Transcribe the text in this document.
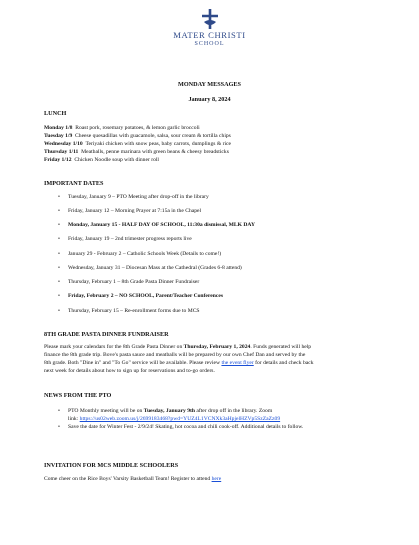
MATER CHRISTI
SCHOOL
MONDAY MESSAGES
January 8, 2024
LUNCH
Monday 1/8 Roast pork, rosemary potatoes, & lemon garlic broccoli
Tuesday 1/9 Cheese quesadillas with guacamole, salsa, sour cream & tortilla chips
Wednesday 1/10 Teriyaki chicken with snow peas, baby carrots, dumplings & rice
Thursday 1/11 Meatballs, penne marinara with green beans & cheesy breadsticks
Friday 1/12 Chicken Noodle soup with dinner roll
IMPORTANT DATES
• Tuesday, January 9 – PTO Meeting after drop-off in the library
• Friday, January 12 – Morning Prayer at 7:15a in the Chapel
• Monday, January 15 - HALF DAY OF SCHOOL, 11:30a dismissal, MLK DAY
• Friday, January 19 – 2nd trimester progress reports live
• January 29 - February 2 – Catholic Schools Week (Details to come!)
• Wednesday, January 31 – Diocesan Mass at the Cathedral (Grades 6-8 attend)
• Thursday, February 1 – 8th Grade Pasta Dinner Fundraiser
• Friday, February 2 – NO SCHOOL, Parent/Teacher Conferences
• Thursday, February 15 – Re-enrollment forms due to MCS
8TH GRADE PASTA DINNER FUNDRAISER
Please mark your calendars for the 8th Grade Pasta Dinner on Thursday, February 1, 2024. Funds generated will help
finance the 8th grade trip. Bove's pasta sauce and meatballs will be prepared by our own Chef Dan and served by the
8th grade. Both "Dine in" and "To Go" service will be available. Please review the event flyer for details and check back
next week for details about how to sign up for reservations and to-go orders.
NEWS FROM THE PTO
• PTO Monthly meeting will be on Tuesday, January 9th after drop off in the library. Zoom
link: https://us02web.zoom.us/j/2699183468?pwd=YUZ4L1VCNXk3aHpjelHZVp5SzZaZz09
• Save the date for Winter Fest - 2/9/24! Skating, hot cocoa and chili cook-off. Additional details to follow.
INVITATION FOR MCS MIDDLE SCHOOLERS
Come cheer on the Rice Boys' Varsity Basketball Team! Register to attend here
